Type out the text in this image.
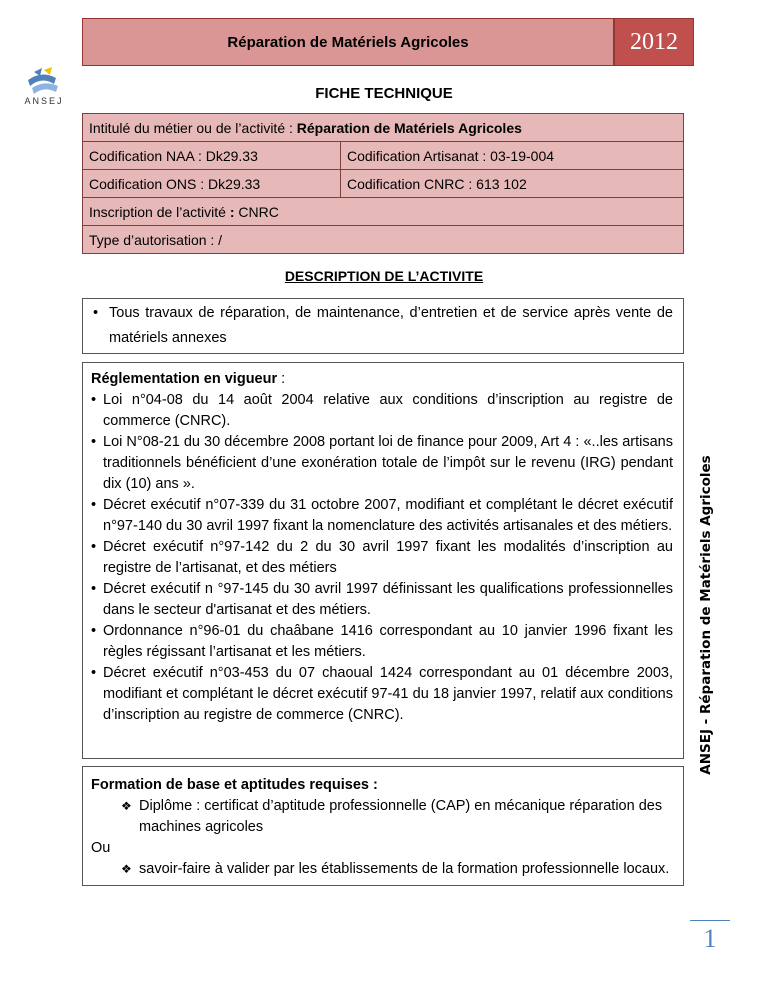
Réparation de Matériels Agricoles	2012
ANSEJ	FICHE TECHNIQUE
Intitulé du métier ou de l’activité : Réparation de Matériels Agricoles	
Codification NAA : Dk29.33	Codification Artisanat : 03-19-004
Codification ONS : Dk29.33	Codification CNRC : 613 102
Inscription de l’activité : CNRC	
Type d’autorisation : /	
DESCRIPTION DE L’ACTIVITE
• Tous travaux de réparation, de maintenance, d’entretien et de service après vente de matériels annexes
Réglementation en vigueur :
• Loi n°04-08 du 14 août 2004 relative aux conditions d’inscription au registre de commerce (CNRC).
• Loi N°08-21 du 30 décembre 2008 portant loi de finance pour 2009, Art 4 : «..les artisans traditionnels bénéficient d’une exonération totale de l’impôt sur le revenu (IRG) pendant dix (10) ans ».
• Décret exécutif n°07-339 du 31 octobre 2007, modifiant et complétant le décret exécutif n°97-140 du 30 avril 1997 fixant la nomenclature des activités artisanales et des métiers.
• Décret exécutif n°97-142 du 2 du 30 avril 1997 fixant les modalités d’inscription au registre de l’artisanat, et des métiers
• Décret exécutif n °97-145 du 30 avril 1997 définissant les qualifications professionnelles dans le secteur d'artisanat et des métiers.
• Ordonnance n°96-01 du chaâbane 1416 correspondant au 10 janvier 1996 fixant les règles régissant l’artisanat et les métiers.
• Décret exécutif n°03-453 du 07 chaoual 1424 correspondant au 01 décembre 2003, modifiant et complétant le décret exécutif 97-41 du 18 janvier 1997, relatif aux conditions d’inscription au registre de commerce (CNRC).
Formation de base et aptitudes requises :
❖ Diplôme : certificat d’aptitude professionnelle (CAP) en mécanique réparation des machines agricoles
Ou
❖ savoir-faire à valider par les établissements de la formation professionnelle locaux.
ANSEJ - Réparation de Matériels Agricoles
1
